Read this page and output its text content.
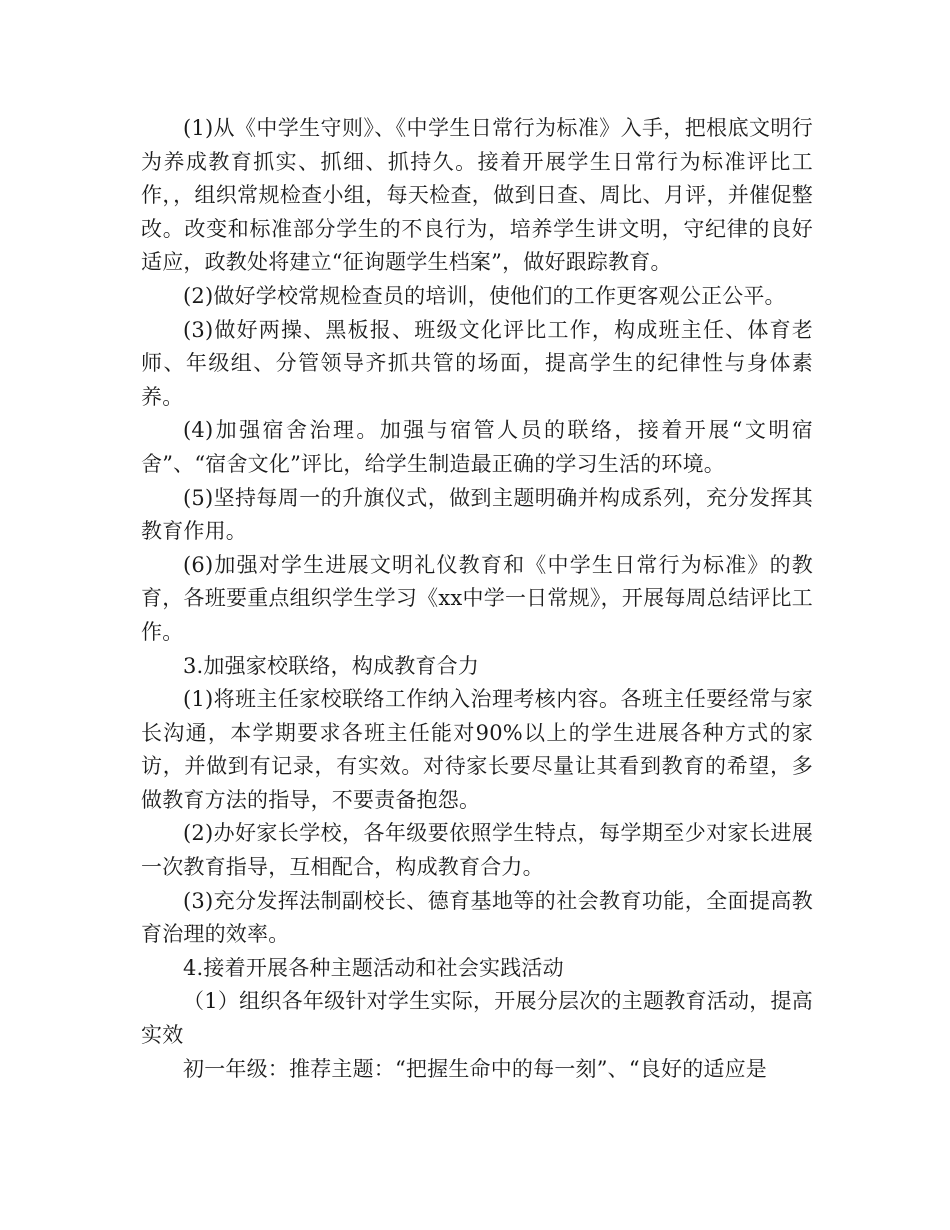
(1)从《中学生守则》、《中学生日常行为标准》入手，把根底文明行为养成教育抓实、抓细、抓持久。接着开展学生日常行为标准评比工作，，组织常规检查小组，每天检查，做到日查、周比、月评，并催促整改。改变和标准部分学生的不良行为，培养学生讲文明，守纪律的良好适应，政教处将建立“征询题学生档案”，做好跟踪教育。

(2)做好学校常规检查员的培训，使他们的工作更客观公正公平。

(3)做好两操、黑板报、班级文化评比工作，构成班主任、体育老师、年级组、分管领导齐抓共管的场面，提高学生的纪律性与身体素养。

(4)加强宿舍治理。加强与宿管人员的联络，接着开展“文明宿舍”、“宿舍文化”评比，给学生制造最正确的学习生活的环境。

(5)坚持每周一的升旗仪式，做到主题明确并构成系列，充分发挥其教育作用。

(6)加强对学生进展文明礼仪教育和《中学生日常行为标准》的教育，各班要重点组织学生学习《xx中学一日常规》，开展每周总结评比工作。

3.加强家校联络，构成教育合力

(1)将班主任家校联络工作纳入治理考核内容。各班主任要经常与家长沟通，本学期要求各班主任能对90%以上的学生进展各种方式的家访，并做到有记录，有实效。对待家长要尽量让其看到教育的希望，多做教育方法的指导，不要责备抱怨。

(2)办好家长学校，各年级要依照学生特点，每学期至少对家长进展一次教育指导，互相配合，构成教育合力。

(3)充分发挥法制副校长、德育基地等的社会教育功能，全面提高教育治理的效率。

4.接着开展各种主题活动和社会实践活动

（1）组织各年级针对学生实际，开展分层次的主题教育活动，提高实效

初一年级：推荐主题：“把握生命中的每一刻”、“良好的适应是
